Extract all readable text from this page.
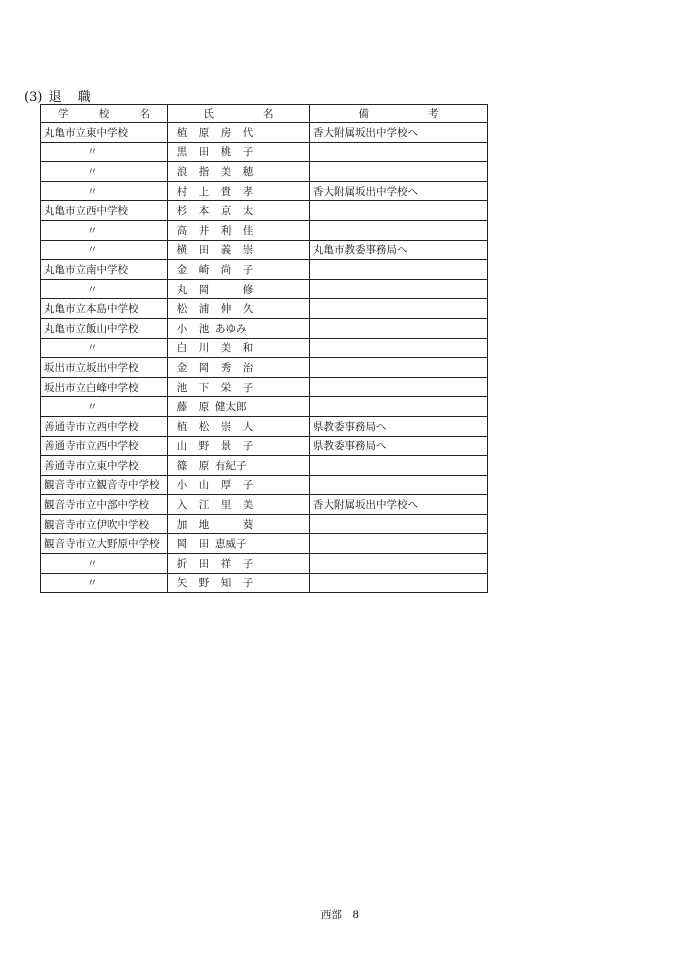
(3) 退 職
学 校 名	氏 名	備 考

丸亀市立東中学校	植 原 房 代	香大附属坂出中学校へ
〃	黒 田 桃 子	
〃	浪 指 美 穂	
〃	村 上 貴 孝	香大附属坂出中学校へ
丸亀市立西中学校	杉 本 京 太	
〃	高 井 利 佳	
〃	横 田 義 崇	丸亀市教委事務局へ
丸亀市立南中学校	金 崎 尚 子	
〃	丸 岡 修	
丸亀市立本島中学校	松 浦 伸 久	
丸亀市立飯山中学校	小 池 あゆみ	
〃	白 川 美 和	
坂出市立坂出中学校	金 岡 秀 治	
坂出市立白峰中学校	池 下 栄 子	
〃	藤 原 健太郎	
善通寺市立西中学校	植 松 崇 人	県教委事務局へ
善通寺市立西中学校	山 野 景 子	県教委事務局へ
善通寺市立東中学校	篠 原 有紀子	
観音寺市立観音寺中学校	小 山 厚 子	
観音寺市立中部中学校	入 江 里 美	香大附属坂出中学校へ
観音寺市立伊吹中学校	加 地 葵	
観音寺市立大野原中学校	岡 田 恵威子	
〃	折 田 祥 子	
〃	矢 野 知 子	
西部　8
